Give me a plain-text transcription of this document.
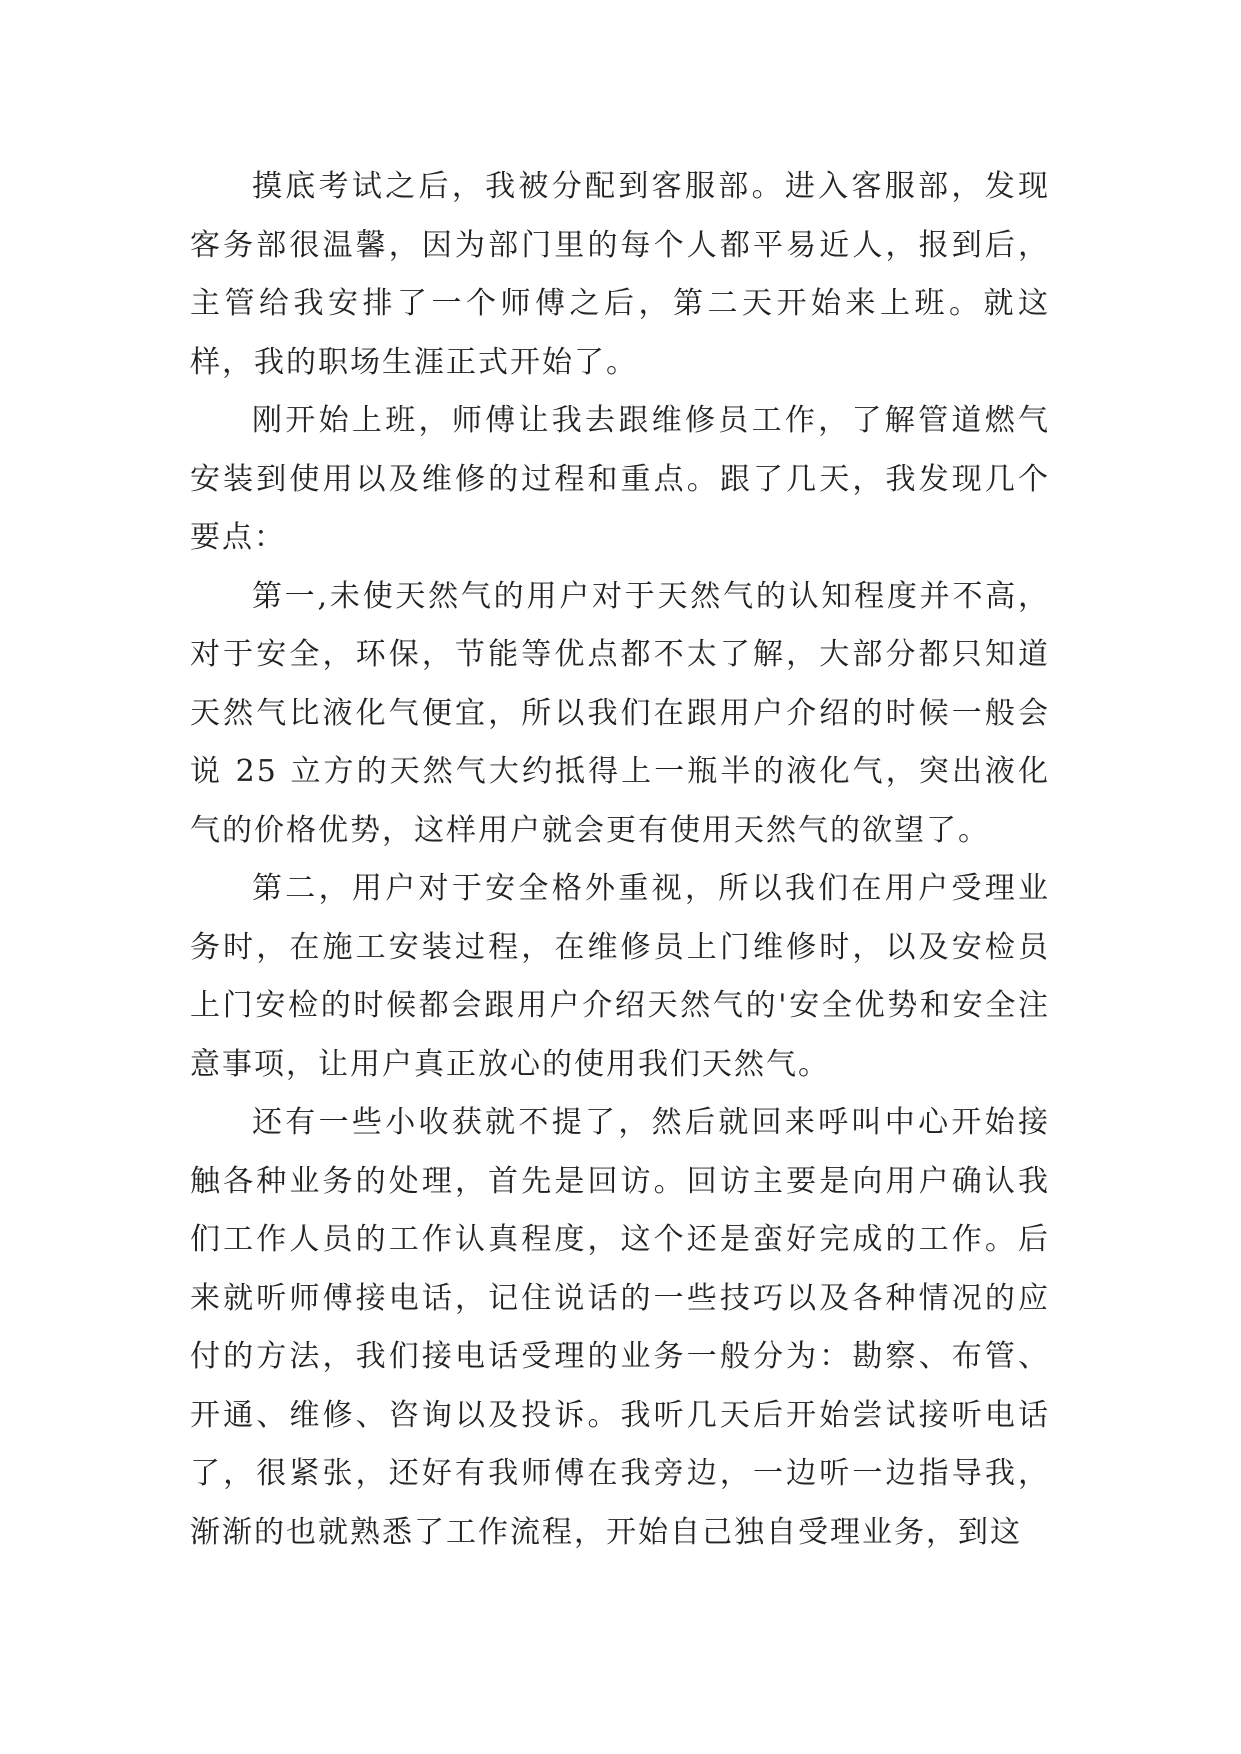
摸底考试之后，我被分配到客服部。进入客服部，发现客务部很温馨，因为部门里的每个人都平易近人，报到后，主管给我安排了一个师傅之后，第二天开始来上班。就这样，我的职场生涯正式开始了。

刚开始上班，师傅让我去跟维修员工作，了解管道燃气安装到使用以及维修的过程和重点。跟了几天，我发现几个要点：

第一,未使天然气的用户对于天然气的认知程度并不高，对于安全，环保，节能等优点都不太了解，大部分都只知道天然气比液化气便宜，所以我们在跟用户介绍的时候一般会说 25 立方的天然气大约抵得上一瓶半的液化气，突出液化气的价格优势，这样用户就会更有使用天然气的欲望了。

第二，用户对于安全格外重视，所以我们在用户受理业务时，在施工安装过程，在维修员上门维修时，以及安检员上门安检的时候都会跟用户介绍天然气的'安全优势和安全注意事项，让用户真正放心的使用我们天然气。

还有一些小收获就不提了，然后就回来呼叫中心开始接触各种业务的处理，首先是回访。回访主要是向用户确认我们工作人员的工作认真程度，这个还是蛮好完成的工作。后来就听师傅接电话，记住说话的一些技巧以及各种情况的应付的方法，我们接电话受理的业务一般分为：勘察、布管、开通、维修、咨询以及投诉。我听几天后开始尝试接听电话了，很紧张，还好有我师傅在我旁边，一边听一边指导我，渐渐的也就熟悉了工作流程，开始自己独自受理业务，到这
